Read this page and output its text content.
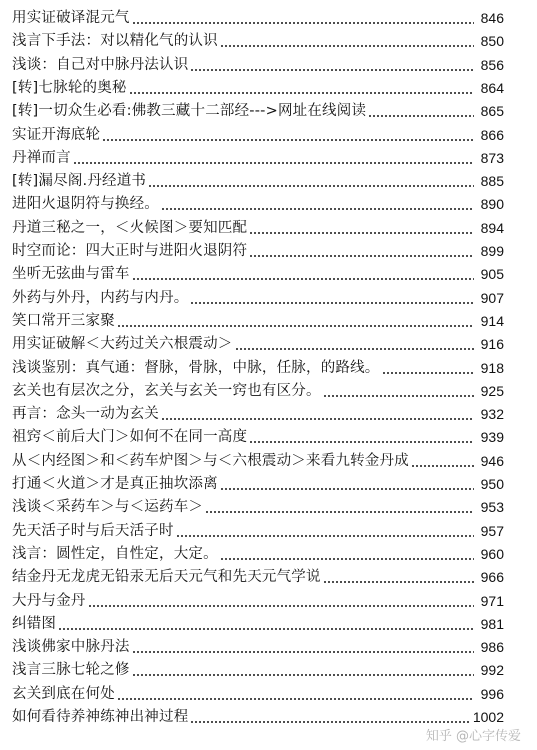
用实证破译混元气	846
浅言下手法：对以精化气的认识	850
浅谈：自己对中脉丹法认识	856
[转]七脉轮的奥秘	864
[转]一切众生必看:佛教三藏十二部经--->网址在线阅读	865
实证开海底轮	866
丹禅而言	873
[转]漏尽阁.丹经道书	885
进阳火退阴符与换经。	890
丹道三秘之一，＜火候图＞要知匹配	894
时空而论：四大正时与进阳火退阴符	899
坐听无弦曲与雷车	905
外药与外丹，内药与内丹。	907
笑口常开三家聚	914
用实证破解＜大药过关六根震动＞	916
浅谈鉴别：真气通：督脉，骨脉，中脉，任脉，的路线。	918
玄关也有层次之分，玄关与玄关一窍也有区分。	925
再言：念头一动为玄关	932
祖窍＜前后大门＞如何不在同一高度	939
从＜内经图＞和＜药车炉图＞与＜六根震动＞来看九转金丹成	946
打通＜火道＞才是真正抽坎添离	950
浅谈＜采药车＞与＜运药车＞	953
先天活子时与后天活子时	957
浅言：圆性定，自性定，大定。	960
结金丹无龙虎无铅汞无后天元气和先天元气学说	966
大丹与金丹	971
纠错图	981
浅谈佛家中脉丹法	986
浅言三脉七轮之修	992
玄关到底在何处	996
如何看待养神练神出神过程	1002
知乎 @心字传爱
